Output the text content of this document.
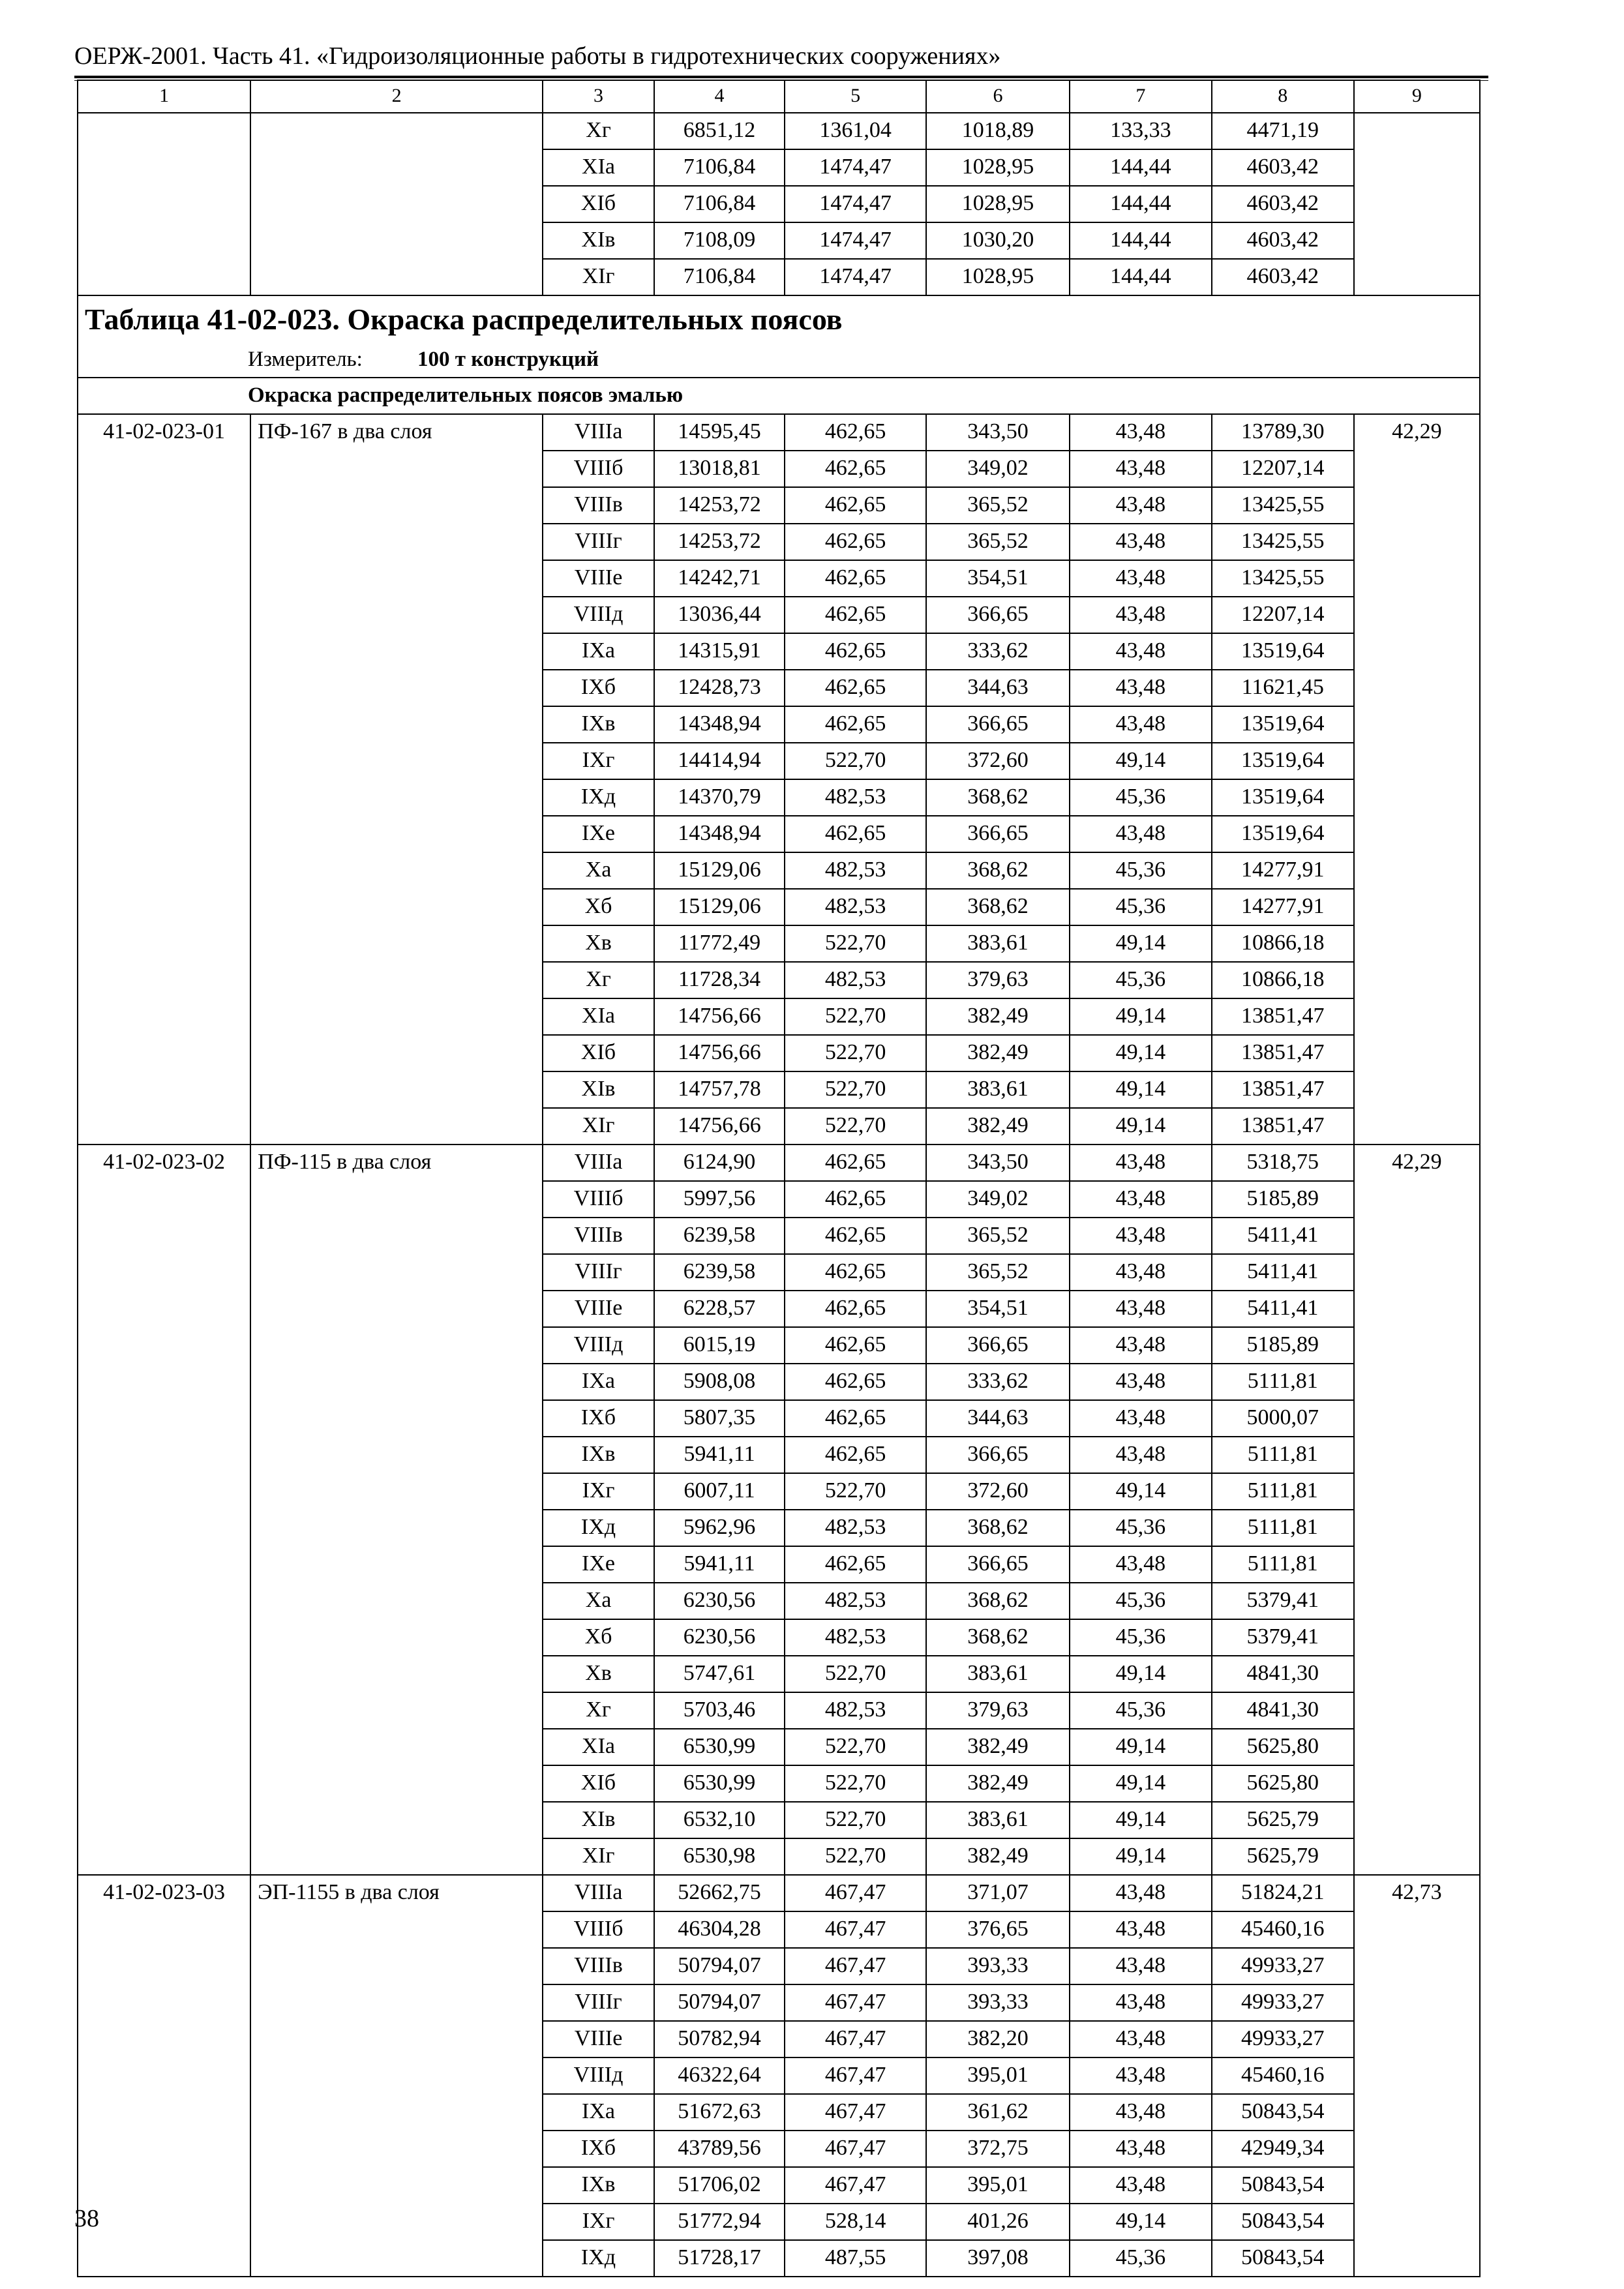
ОЕРЖ-2001. Часть 41. «Гидроизоляционные работы в гидротехнических сооружениях»
1	2	3	4	5	6	7	8	9
		Хг	6851,12	1361,04	1018,89	133,33	4471,19	
		ХIа	7106,84	1474,47	1028,95	144,44	4603,42	
		ХIб	7106,84	1474,47	1028,95	144,44	4603,42	
		ХIв	7108,09	1474,47	1030,20	144,44	4603,42	
		ХIг	7106,84	1474,47	1028,95	144,44	4603,42	

Таблица 41-02-023. Окраска распределительных поясов
Измеритель: 100 т конструкций								

Окраска распределительных поясов эмалью								
41-02-023-01	ПФ-167 в два слоя	VIIIа	14595,45	462,65	343,50	43,48	13789,30	42,29
		VIIIб	13018,81	462,65	349,02	43,48	12207,14	
		VIIIв	14253,72	462,65	365,52	43,48	13425,55	
		VIIIг	14253,72	462,65	365,52	43,48	13425,55	
		VIIIе	14242,71	462,65	354,51	43,48	13425,55	
		VIIIд	13036,44	462,65	366,65	43,48	12207,14	
		IХа	14315,91	462,65	333,62	43,48	13519,64	
		IХб	12428,73	462,65	344,63	43,48	11621,45	
		IХв	14348,94	462,65	366,65	43,48	13519,64	
		IХг	14414,94	522,70	372,60	49,14	13519,64	
		IХд	14370,79	482,53	368,62	45,36	13519,64	
		IХе	14348,94	462,65	366,65	43,48	13519,64	
		Ха	15129,06	482,53	368,62	45,36	14277,91	
		Хб	15129,06	482,53	368,62	45,36	14277,91	
		Хв	11772,49	522,70	383,61	49,14	10866,18	
		Хг	11728,34	482,53	379,63	45,36	10866,18	
		ХIа	14756,66	522,70	382,49	49,14	13851,47	
		ХIб	14756,66	522,70	382,49	49,14	13851,47	
		ХIв	14757,78	522,70	383,61	49,14	13851,47	
		ХIг	14756,66	522,70	382,49	49,14	13851,47	
41-02-023-02	ПФ-115 в два слоя	VIIIа	6124,90	462,65	343,50	43,48	5318,75	42,29
		VIIIб	5997,56	462,65	349,02	43,48	5185,89	
		VIIIв	6239,58	462,65	365,52	43,48	5411,41	
		VIIIг	6239,58	462,65	365,52	43,48	5411,41	
		VIIIе	6228,57	462,65	354,51	43,48	5411,41	
		VIIIд	6015,19	462,65	366,65	43,48	5185,89	
		IХа	5908,08	462,65	333,62	43,48	5111,81	
		IХб	5807,35	462,65	344,63	43,48	5000,07	
		IХв	5941,11	462,65	366,65	43,48	5111,81	
		IХг	6007,11	522,70	372,60	49,14	5111,81	
		IХд	5962,96	482,53	368,62	45,36	5111,81	
		IХе	5941,11	462,65	366,65	43,48	5111,81	
		Ха	6230,56	482,53	368,62	45,36	5379,41	
		Хб	6230,56	482,53	368,62	45,36	5379,41	
		Хв	5747,61	522,70	383,61	49,14	4841,30	
		Хг	5703,46	482,53	379,63	45,36	4841,30	
		ХIа	6530,99	522,70	382,49	49,14	5625,80	
		ХIб	6530,99	522,70	382,49	49,14	5625,80	
		ХIв	6532,10	522,70	383,61	49,14	5625,79	
		ХIг	6530,98	522,70	382,49	49,14	5625,79	
41-02-023-03	ЭП-1155 в два слоя	VIIIа	52662,75	467,47	371,07	43,48	51824,21	42,73
		VIIIб	46304,28	467,47	376,65	43,48	45460,16	
		VIIIв	50794,07	467,47	393,33	43,48	49933,27	
		VIIIг	50794,07	467,47	393,33	43,48	49933,27	
		VIIIе	50782,94	467,47	382,20	43,48	49933,27	
		VIIIд	46322,64	467,47	395,01	43,48	45460,16	
		IХа	51672,63	467,47	361,62	43,48	50843,54	
		IХб	43789,56	467,47	372,75	43,48	42949,34	
		IХв	51706,02	467,47	395,01	43,48	50843,54	
		IХг	51772,94	528,14	401,26	49,14	50843,54	
		IХд	51728,17	487,55	397,08	45,36	50843,54	
38
